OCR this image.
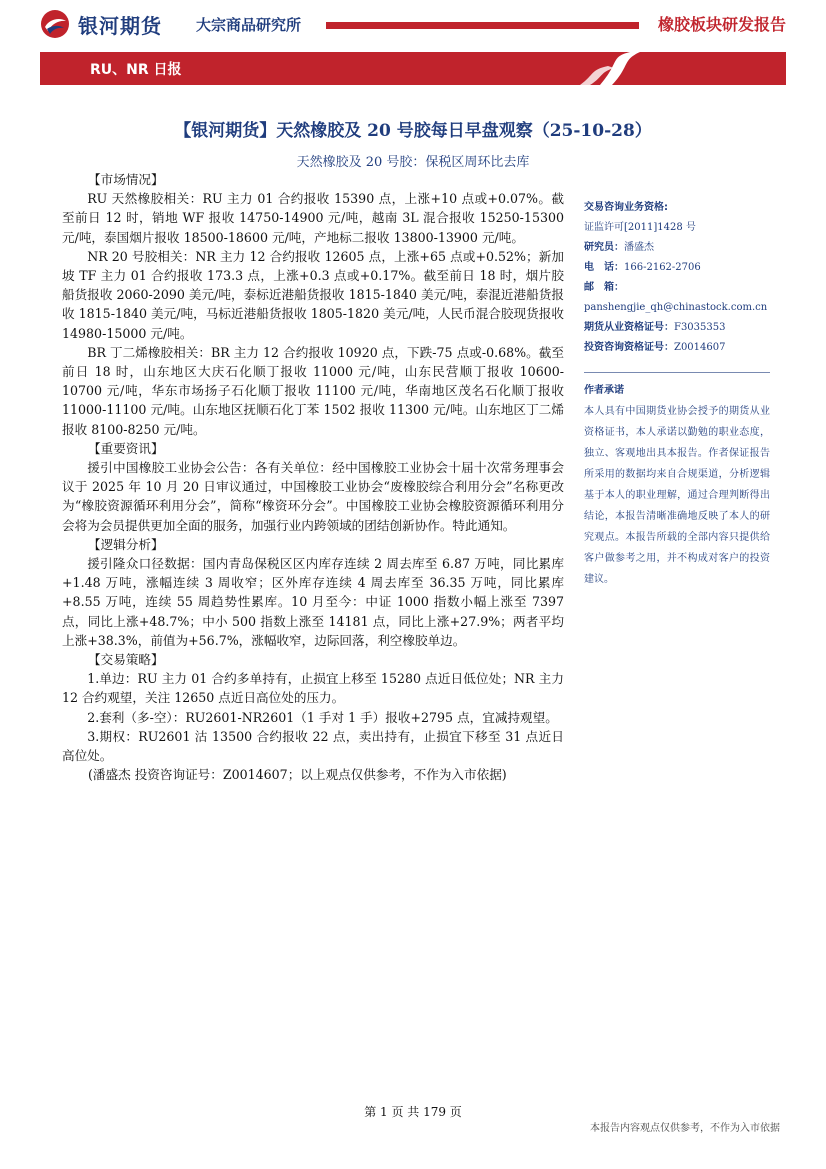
银河期货 大宗商品研究所	橡胶板块研发报告
RU、NR 日报
【银河期货】天然橡胶及 20 号胶每日早盘观察（25-10-28）
天然橡胶及 20 号胶：保税区周环比去库

【市场情况】

RU 天然橡胶相关：RU 主力 01 合约报收 15390 点，上涨+10 点或+0.07%。截至前日 12 时，销地 WF 报收 14750-14900 元/吨，越南 3L 混合报收 15250-15300 元/吨，泰国烟片报收 18500-18600 元/吨，产地标二报收 13800-13900 元/吨。

NR 20 号胶相关：NR 主力 12 合约报收 12605 点，上涨+65 点或+0.52%；新加坡 TF 主力 01 合约报收 173.3 点，上涨+0.3 点或+0.17%。截至前日 18 时，烟片胶船货报收 2060-2090 美元/吨，泰标近港船货报收 1815-1840 美元/吨，泰混近港船货报收 1815-1840 美元/吨，马标近港船货报收 1805-1820 美元/吨，人民币混合胶现货报收 14980-15000 元/吨。

BR 丁二烯橡胶相关：BR 主力 12 合约报收 10920 点，下跌-75 点或-0.68%。截至前日 18 时，山东地区大庆石化顺丁报收 11000 元/吨，山东民营顺丁报收 10600-10700 元/吨，华东市场扬子石化顺丁报收 11100 元/吨，华南地区茂名石化顺丁报收 11000-11100 元/吨。山东地区抚顺石化丁苯 1502 报收 11300 元/吨。山东地区丁二烯报收 8100-8250 元/吨。

【重要资讯】

援引中国橡胶工业协会公告：各有关单位：经中国橡胶工业协会十届十次常务理事会议于 2025 年 10 月 20 日审议通过，中国橡胶工业协会“废橡胶综合利用分会”名称更改为“橡胶资源循环利用分会”，简称“橡资环分会”。中国橡胶工业协会橡胶资源循环利用分会将为会员提供更加全面的服务，加强行业内跨领域的团结创新协作。特此通知。

【逻辑分析】

援引隆众口径数据：国内青岛保税区区内库存连续 2 周去库至 6.87 万吨，同比累库+1.48 万吨，涨幅连续 3 周收窄；区外库存连续 4 周去库至 36.35 万吨，同比累库+8.55 万吨，连续 55 周趋势性累库。10 月至今：中证 1000 指数小幅上涨至 7397 点，同比上涨+48.7%；中小 500 指数上涨至 14181 点，同比上涨+27.9%；两者平均上涨+38.3%，前值为+56.7%，涨幅收窄，边际回落，利空橡胶单边。

【交易策略】

1.单边：RU 主力 01 合约多单持有，止损宜上移至 15280 点近日低位处；NR 主力 12 合约观望，关注 12650 点近日高位处的压力。

2.套利（多-空）：RU2601-NR2601（1 手对 1 手）报收+2795 点，宜减持观望。

3.期权：RU2601 沽 13500 合约报收 22 点，卖出持有，止损宜下移至 31 点近日高位处。

(潘盛杰 投资咨询证号：Z0014607；以上观点仅供参考，不作为入市依据)

交易咨询业务资格:
证监许可[2011]1428 号
研究员：潘盛杰
电　话：166-2162-2706
邮　箱：
panshengjie_qh@chinastock.com.cn
期货从业资格证号：F3035353
投资咨询资格证号：Z0014607
作者承诺
本人具有中国期货业协会授予的期货从业资格证书，本人承诺以勤勉的职业态度，独立、客观地出具本报告。作者保证报告所采用的数据均来自合规渠道，分析逻辑基于本人的职业理解，通过合理判断得出结论，本报告清晰准确地反映了本人的研究观点。本报告所载的全部内容只提供给客户做参考之用，并不构成对客户的投资建议。
第 1 页 共 179 页
本报告内容观点仅供参考，不作为入市依据
